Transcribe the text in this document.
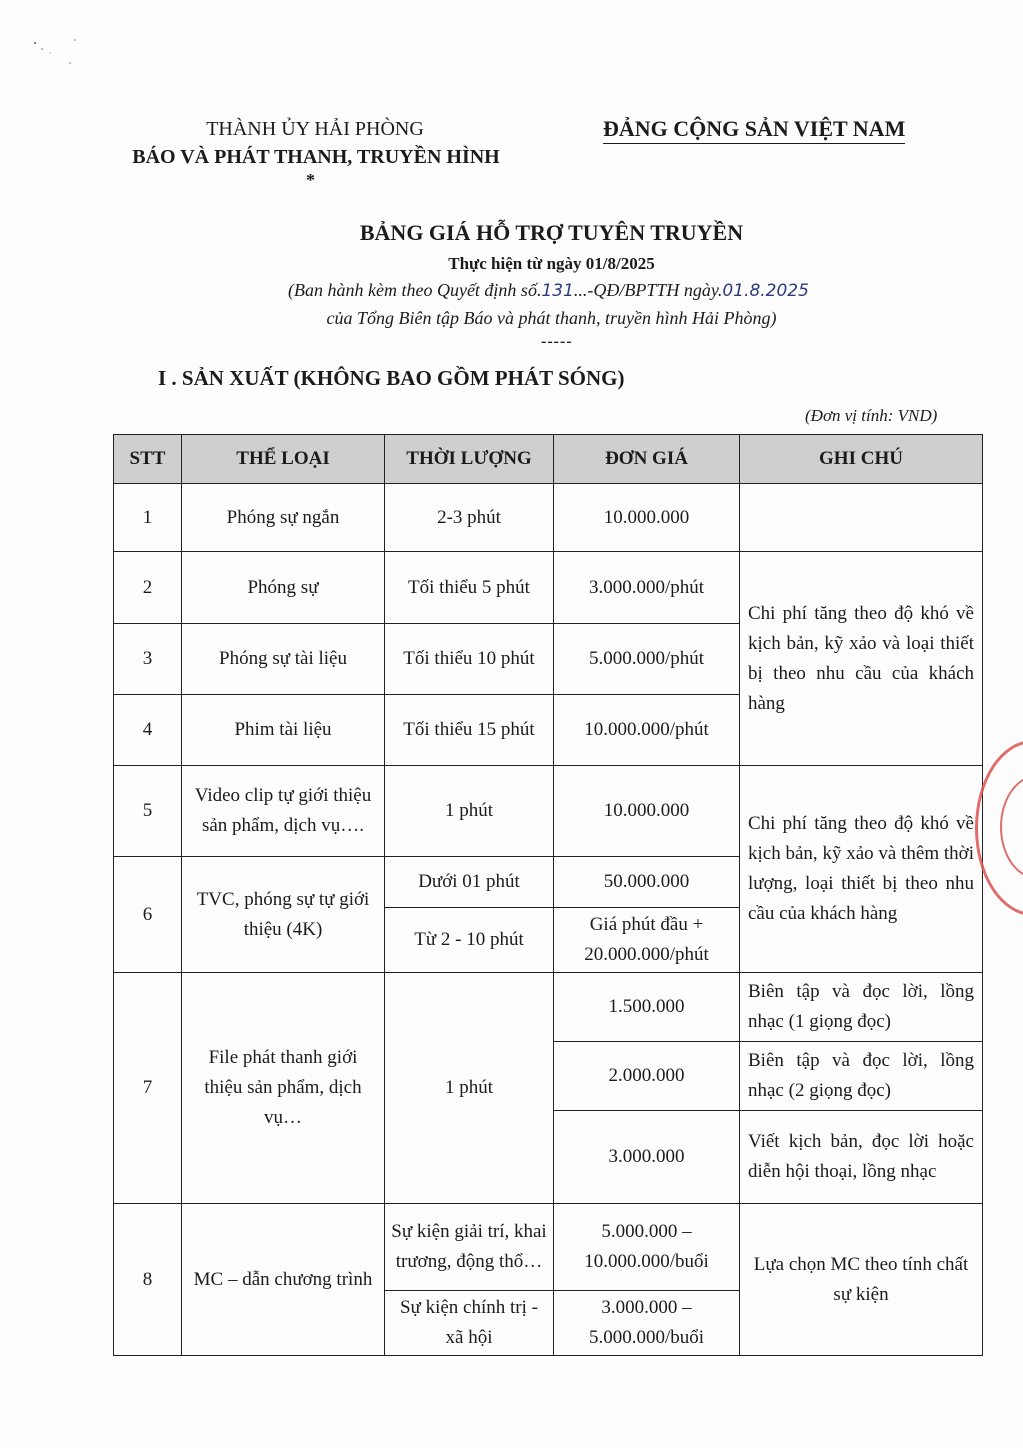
THÀNH ỦY HẢI PHÒNG
BÁO VÀ PHÁT THANH, TRUYỀN HÌNH
*
ĐẢNG CỘNG SẢN VIỆT NAM
BẢNG GIÁ HỖ TRỢ TUYÊN TRUYỀN
Thực hiện từ ngày 01/8/2025
(Ban hành kèm theo Quyết định số.131...-QĐ/BPTTH ngày.01.8.2025
của Tổng Biên tập Báo và phát thanh, truyền hình Hải Phòng)
-----
I . SẢN XUẤT (KHÔNG BAO GỒM PHÁT SÓNG)
(Đơn vị tính: VND)
STT	THỂ LOẠI	THỜI LƯỢNG	ĐƠN GIÁ	GHI CHÚ
1	Phóng sự ngắn	2-3 phút	10.000.000	
2	Phóng sự	Tối thiểu 5 phút	3.000.000/phút	Chi phí tăng theo độ khó về kịch bản, kỹ xảo và loại thiết bị theo nhu cầu của khách hàng
3	Phóng sự tài liệu	Tối thiểu 10 phút	5.000.000/phút	
4	Phim tài liệu	Tối thiểu 15 phút	10.000.000/phút	
5	Video clip tự giới thiệu sản phẩm, dịch vụ….	1 phút	10.000.000	Chi phí tăng theo độ khó về kịch bản, kỹ xảo và thêm thời lượng, loại thiết bị theo nhu cầu của khách hàng
6	TVC, phóng sự tự giới thiệu (4K)	Dưới 01 phút	50.000.000	
		Từ 2 - 10 phút	Giá phút đầu + 20.000.000/phút	
7	File phát thanh giới thiệu sản phẩm, dịch vụ…	1 phút	1.500.000	Biên tập và đọc lời, lồng nhạc (1 giọng đọc)
			2.000.000	Biên tập và đọc lời, lồng nhạc (2 giọng đọc)
			3.000.000	Viết kịch bản, đọc lời hoặc diễn hội thoại, lồng nhạc
8	MC – dẫn chương trình	Sự kiện giải trí, khai trương, động thổ…	5.000.000 – 10.000.000/buổi	Lựa chọn MC theo tính chất sự kiện
		Sự kiện chính trị - xã hội	3.000.000 – 5.000.000/buổi	
